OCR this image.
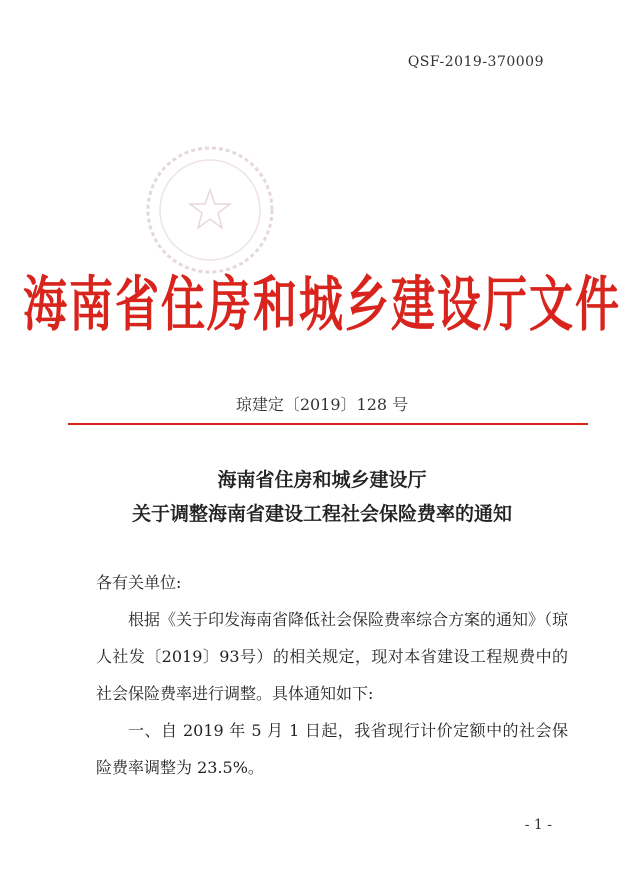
QSF-2019-370009
海南省住房和城乡建设厅文件
琼建定〔2019〕128 号
海南省住房和城乡建设厅
关于调整海南省建设工程社会保险费率的通知

各有关单位:

根据《关于印发海南省降低社会保险费率综合方案的通知》（琼人社发〔2019〕93号）的相关规定，现对本省建设工程规费中的社会保险费率进行调整。具体通知如下:

一、自 2019 年 5 月 1 日起，我省现行计价定额中的社会保险费率调整为 23.5%。

- 1 -
